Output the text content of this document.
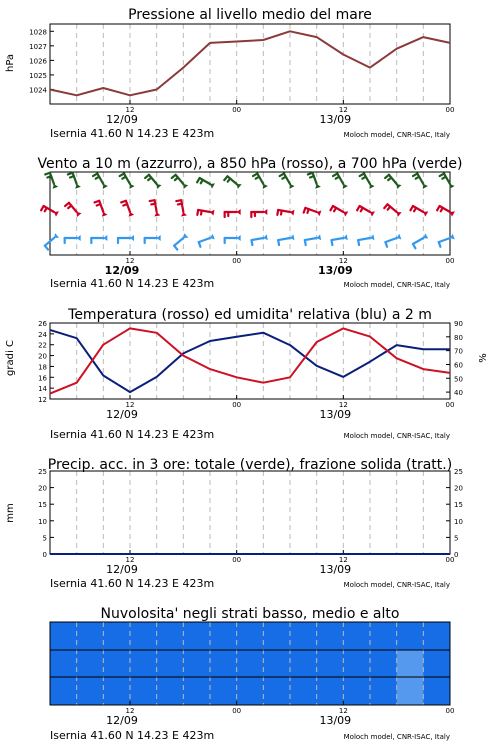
Pressione al livello medio del mare
hPa
1024
1025
1026
1027
1028
12	00	12	00
12/09	13/09
Isernia 41.60 N 14.23 E 423m	Moloch model, CNR-ISAC, Italy
Vento a 10 m (azzurro), a 850 hPa (rosso), a 700 hPa (verde)
12	00	12	00
12/09	13/09
Isernia 41.60 N 14.23 E 423m	Moloch model, CNR-ISAC, Italy
Temperatura (rosso) ed umidita' relativa (blu) a 2 m
gradi C	%
12
14
16
18
20
22
24
26
40
50
60
70
80
90
12	00	12	00
12/09	13/09
Isernia 41.60 N 14.23 E 423m	Moloch model, CNR-ISAC, Italy
Precip. acc. in 3 ore: totale (verde), frazione solida (tratt.)
mm
0
5
10
15
20
25
0
5
10
15
20
25
12	00	12	00
12/09	13/09
Isernia 41.60 N 14.23 E 423m	Moloch model, CNR-ISAC, Italy
Nuvolosita' negli strati basso, medio e alto
12	00	12	00
12/09	13/09
Isernia 41.60 N 14.23 E 423m	Moloch model, CNR-ISAC, Italy
